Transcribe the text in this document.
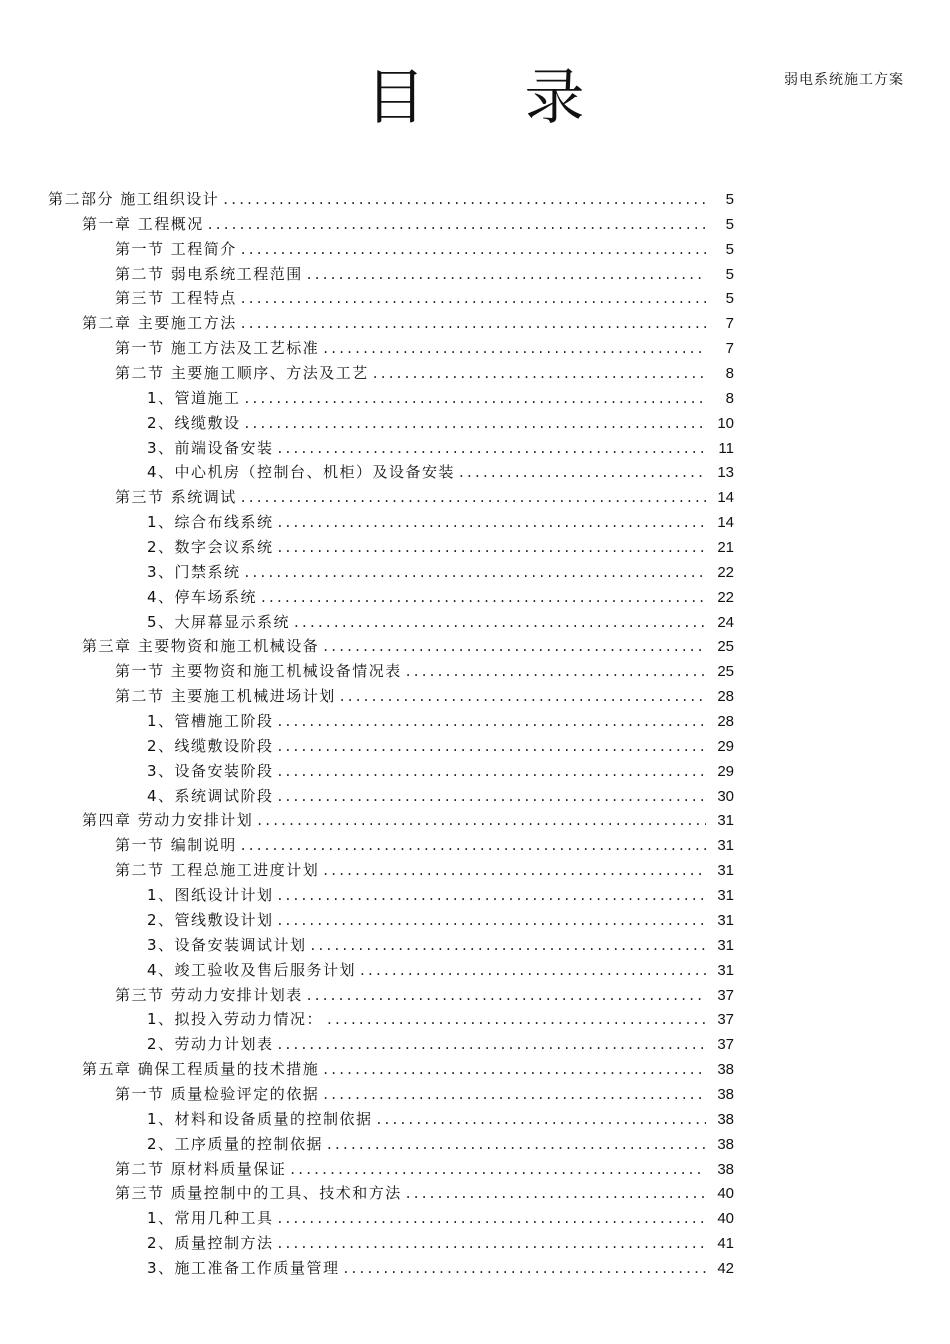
目 录	弱电系统施工方案
第二部分 施工组织设计 .....	5
第一章 工程概况 .....	5
第一节 工程简介 .....	5
第二节 弱电系统工程范围 .....	5
第三节 工程特点 .....	5
第二章 主要施工方法 .....	7
第一节 施工方法及工艺标准 .....	7
第二节 主要施工顺序、方法及工艺 .....	8
1、管道施工 .....	8
2、线缆敷设 .....	10
3、前端设备安装 .....	11
4、中心机房（控制台、机柜）及设备安装 .....	13
第三节 系统调试 .....	14
1、综合布线系统 .....	14
2、数字会议系统 .....	21
3、门禁系统 .....	22
4、停车场系统 .....	22
5、大屏幕显示系统 .....	24
第三章 主要物资和施工机械设备 .....	25
第一节 主要物资和施工机械设备情况表 .....	25
第二节 主要施工机械进场计划 .....	28
1、管槽施工阶段 .....	28
2、线缆敷设阶段 .....	29
3、设备安装阶段 .....	29
4、系统调试阶段 .....	30
第四章 劳动力安排计划 .....	31
第一节 编制说明 .....	31
第二节 工程总施工进度计划 .....	31
1、图纸设计计划 .....	31
2、管线敷设计划 .....	31
3、设备安装调试计划 .....	31
4、竣工验收及售后服务计划 .....	31
第三节 劳动力安排计划表 .....	37
1、拟投入劳动力情况： .....	37
2、劳动力计划表 .....	37
第五章 确保工程质量的技术措施 .....	38
第一节 质量检验评定的依据 .....	38
1、材料和设备质量的控制依据 .....	38
2、工序质量的控制依据 .....	38
第二节 原材料质量保证 .....	38
第三节 质量控制中的工具、技术和方法 .....	40
1、常用几种工具 .....	40
2、质量控制方法 .....	41
3、施工准备工作质量管理 .....	42
